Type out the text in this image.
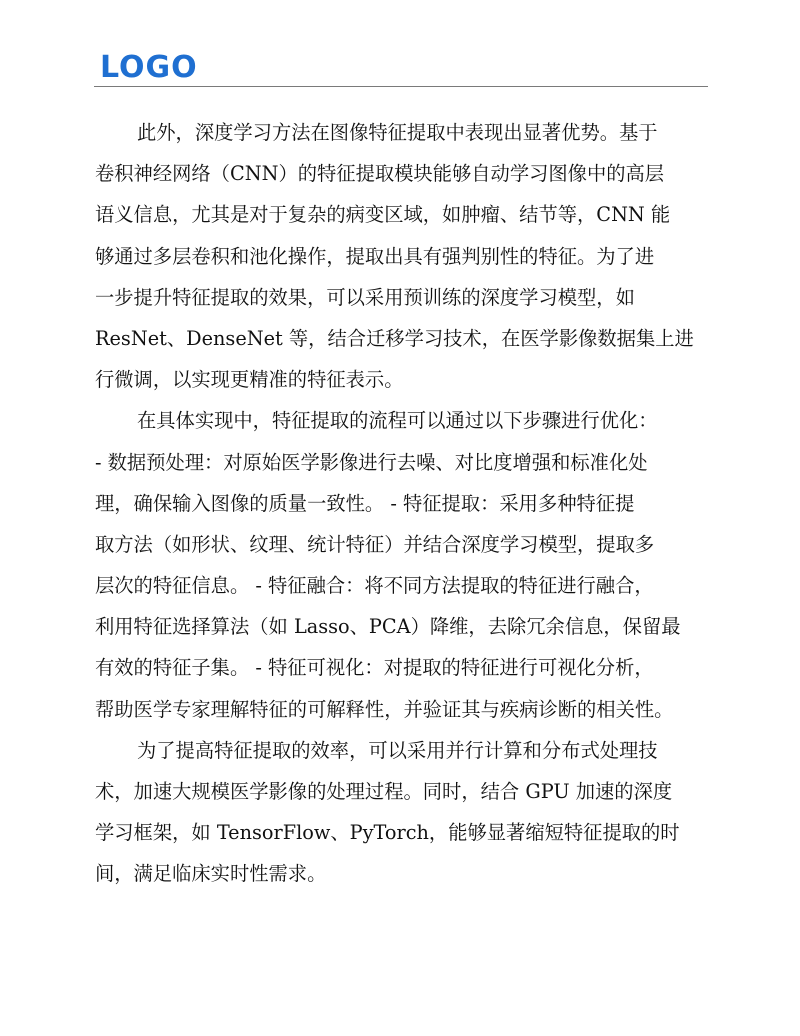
LOGO
此外，深度学习方法在图像特征提取中表现出显著优势。基于
卷积神经网络（CNN）的特征提取模块能够自动学习图像中的高层
语义信息，尤其是对于复杂的病变区域，如肿瘤、结节等，CNN 能
够通过多层卷积和池化操作，提取出具有强判别性的特征。为了进
一步提升特征提取的效果，可以采用预训练的深度学习模型，如
ResNet、DenseNet 等，结合迁移学习技术，在医学影像数据集上进
行微调，以实现更精准的特征表示。
在具体实现中，特征提取的流程可以通过以下步骤进行优化：
- 数据预处理：对原始医学影像进行去噪、对比度增强和标准化处
理，确保输入图像的质量一致性。 - 特征提取：采用多种特征提
取方法（如形状、纹理、统计特征）并结合深度学习模型，提取多
层次的特征信息。 - 特征融合：将不同方法提取的特征进行融合，
利用特征选择算法（如 Lasso、PCA）降维，去除冗余信息，保留最
有效的特征子集。 - 特征可视化：对提取的特征进行可视化分析，
帮助医学专家理解特征的可解释性，并验证其与疾病诊断的相关性。
为了提高特征提取的效率，可以采用并行计算和分布式处理技
术，加速大规模医学影像的处理过程。同时，结合 GPU 加速的深度
学习框架，如 TensorFlow、PyTorch，能够显著缩短特征提取的时
间，满足临床实时性需求。
